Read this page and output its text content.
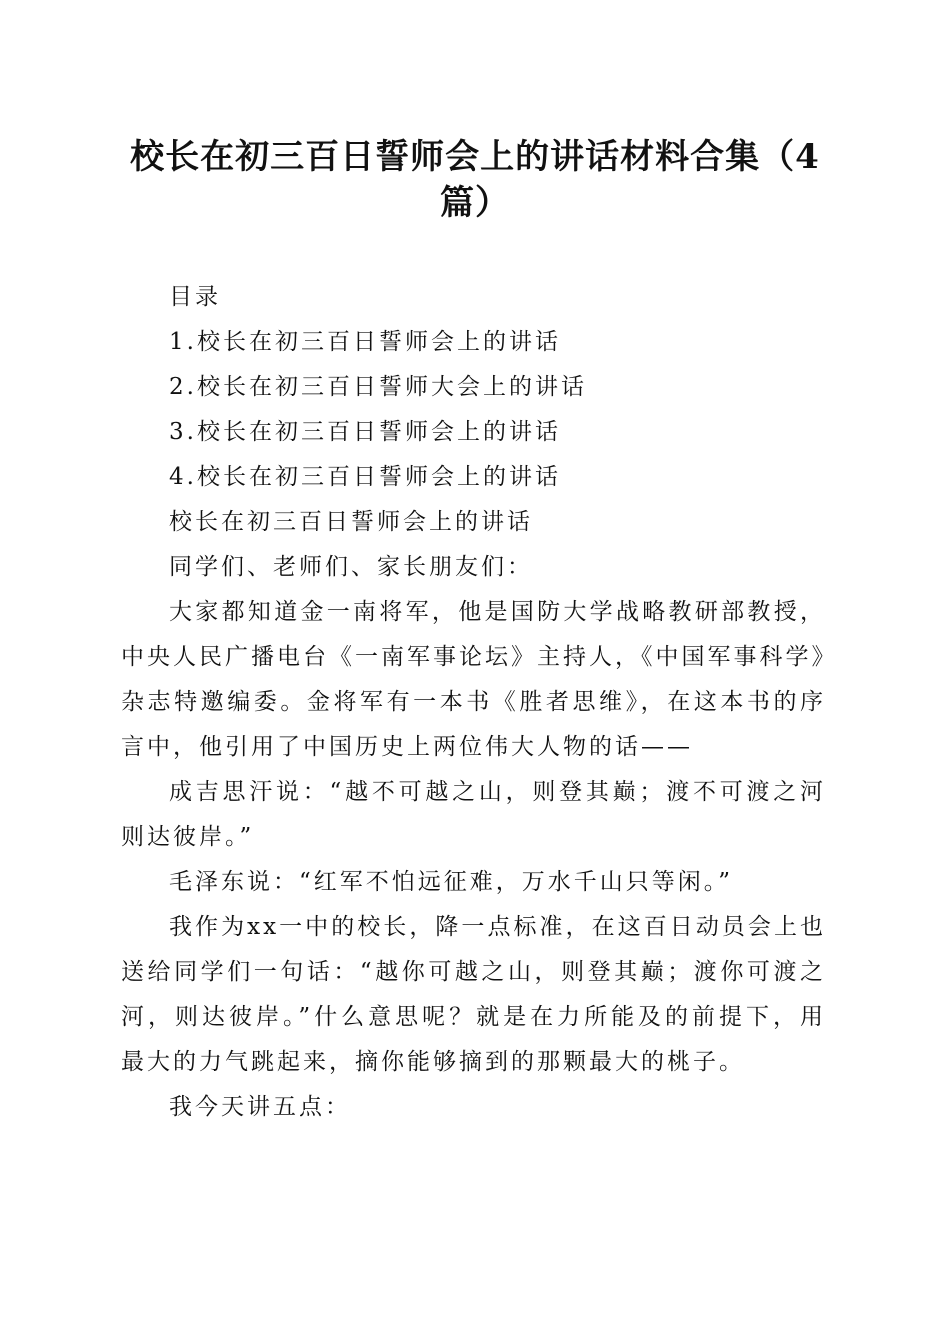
校长在初三百日誓师会上的讲话材料合集（4篇）

目录

1.校长在初三百日誓师会上的讲话

2.校长在初三百日誓师大会上的讲话

3.校长在初三百日誓师会上的讲话

4.校长在初三百日誓师会上的讲话

校长在初三百日誓师会上的讲话

同学们、老师们、家长朋友们：

大家都知道金一南将军，他是国防大学战略教研部教授，中央人民广播电台《一南军事论坛》主持人，《中国军事科学》杂志特邀编委。金将军有一本书《胜者思维》，在这本书的序言中，他引用了中国历史上两位伟大人物的话——

成吉思汗说：“越不可越之山，则登其巅；渡不可渡之河则达彼岸。”

毛泽东说：“红军不怕远征难，万水千山只等闲。”

我作为xx一中的校长，降一点标准，在这百日动员会上也送给同学们一句话：“越你可越之山，则登其巅；渡你可渡之河，则达彼岸。”什么意思呢？就是在力所能及的前提下，用最大的力气跳起来，摘你能够摘到的那颗最大的桃子。

我今天讲五点：
